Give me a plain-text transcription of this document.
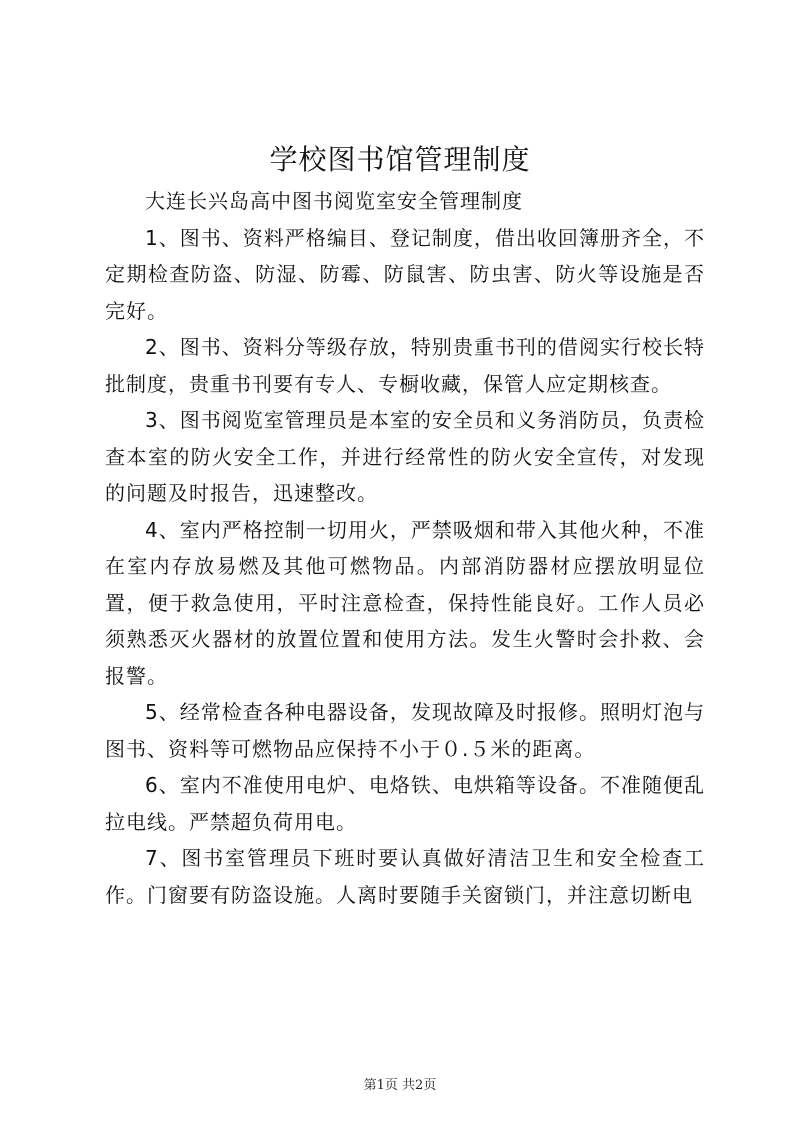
学校图书馆管理制度

大连长兴岛高中图书阅览室安全管理制度

1、图书、资料严格编目、登记制度，借出收回簿册齐全，不定期检查防盗、防湿、防霉、防鼠害、防虫害、防火等设施是否完好。

2、图书、资料分等级存放，特别贵重书刊的借阅实行校长特批制度，贵重书刊要有专人、专橱收藏，保管人应定期核查。

3、图书阅览室管理员是本室的安全员和义务消防员，负责检查本室的防火安全工作，并进行经常性的防火安全宣传，对发现的问题及时报告，迅速整改。

4、室内严格控制一切用火，严禁吸烟和带入其他火种，不准在室内存放易燃及其他可燃物品。内部消防器材应摆放明显位置，便于救急使用，平时注意检查，保持性能良好。工作人员必须熟悉灭火器材的放置位置和使用方法。发生火警时会扑救、会报警。

5、经常检查各种电器设备，发现故障及时报修。照明灯泡与图书、资料等可燃物品应保持不小于０.５米的距离。

6、室内不准使用电炉、电烙铁、电烘箱等设备。不准随便乱拉电线。严禁超负荷用电。

7、图书室管理员下班时要认真做好清洁卫生和安全检查工作。门窗要有防盗设施。人离时要随手关窗锁门，并注意切断电

第1页 共2页
